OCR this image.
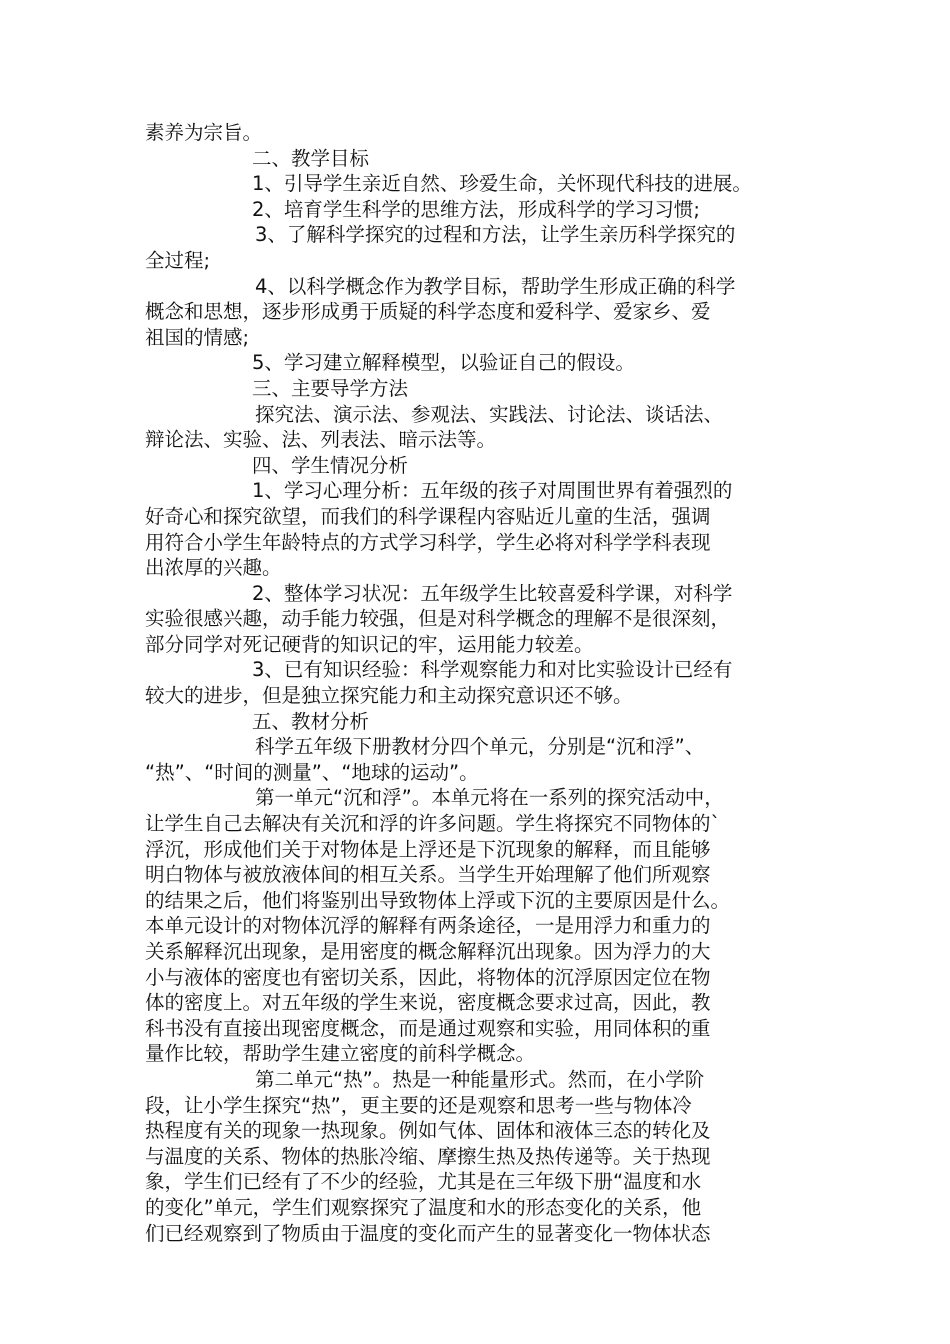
素养为宗旨。
二、教学目标
1、引导学生亲近自然、珍爱生命，关怀现代科技的进展。
2、培育学生科学的思维方法，形成科学的学习习惯;
3、了解科学探究的过程和方法，让学生亲历科学探究的
全过程;
4、以科学概念作为教学目标，帮助学生形成正确的科学
概念和思想，逐步形成勇于质疑的科学态度和爱科学、爱家乡、爱
祖国的情感;
5、学习建立解释模型，以验证自己的假设。
三、主要导学方法
探究法、演示法、参观法、实践法、讨论法、谈话法、
辩论法、实验、法、列表法、暗示法等。
四、学生情况分析
1、学习心理分析：五年级的孩子对周围世界有着强烈的
好奇心和探究欲望，而我们的科学课程内容贴近儿童的生活，强调
用符合小学生年龄特点的方式学习科学，学生必将对科学学科表现
出浓厚的兴趣。
2、整体学习状况：五年级学生比较喜爱科学课，对科学
实验很感兴趣，动手能力较强，但是对科学概念的理解不是很深刻，
部分同学对死记硬背的知识记的牢，运用能力较差。
3、已有知识经验：科学观察能力和对比实验设计已经有
较大的进步，但是独立探究能力和主动探究意识还不够。
五、教材分析
科学五年级下册教材分四个单元，分别是“沉和浮”、
“热”、“时间的测量”、“地球的运动”。
第一单元“沉和浮”。本单元将在一系列的探究活动中，
让学生自己去解决有关沉和浮的许多问题。学生将探究不同物体的`
浮沉，形成他们关于对物体是上浮还是下沉现象的解释，而且能够
明白物体与被放液体间的相互关系。当学生开始理解了他们所观察
的结果之后，他们将鉴别出导致物体上浮或下沉的主要原因是什么。
本单元设计的对物体沉浮的解释有两条途径，一是用浮力和重力的
关系解释沉出现象，是用密度的概念解释沉出现象。因为浮力的大
小与液体的密度也有密切关系，因此，将物体的沉浮原因定位在物
体的密度上。对五年级的学生来说，密度概念要求过高，因此，教
科书没有直接出现密度概念，而是通过观察和实验，用同体积的重
量作比较，帮助学生建立密度的前科学概念。
第二单元“热”。热是一种能量形式。然而，在小学阶
段，让小学生探究“热”，更主要的还是观察和思考一些与物体冷
热程度有关的现象一热现象。例如气体、固体和液体三态的转化及
与温度的关系、物体的热胀冷缩、摩擦生热及热传递等。关于热现
象，学生们已经有了不少的经验，尤其是在三年级下册“温度和水
的变化”单元，学生们观察探究了温度和水的形态变化的关系，他
们已经观察到了物质由于温度的变化而产生的显著变化一物体状态
